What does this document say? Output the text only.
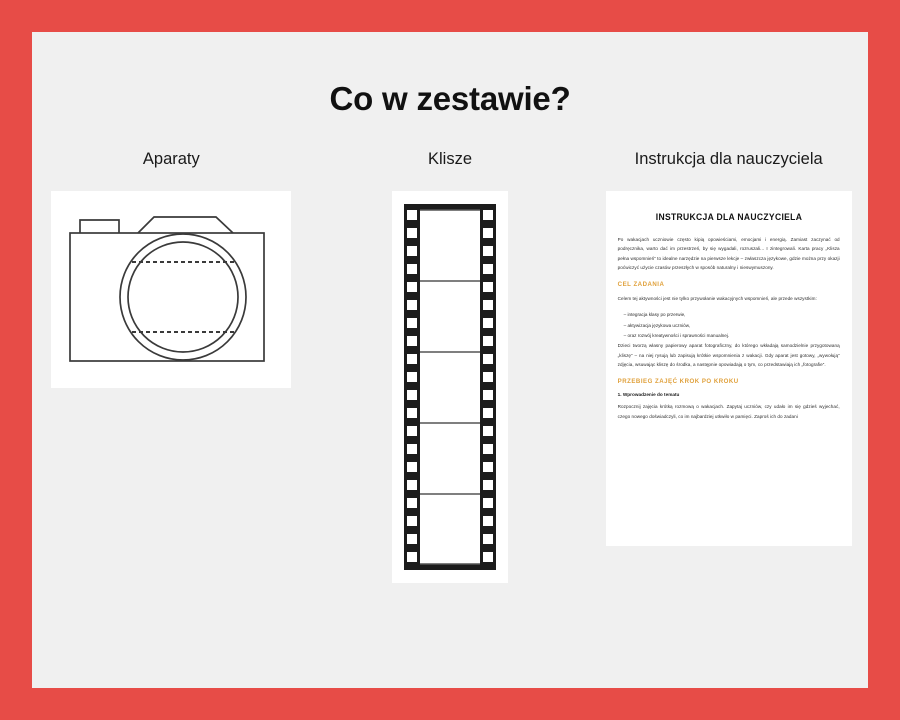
Co w zestawie?
Aparaty	Klisze	Instrukcja dla nauczyciela
INSTRUKCJA DLA NAUCZYCIELA
Po wakacjach uczniowie często kipią opowieściami, emocjami i energią. Zamiast zaczynać od podręcznika, warto dać im przestrzeń, by się wygadali, rozruszali... I zintegrowali. Karta pracy „Klisza pełna wspomnień” to idealne narzędzie na pierwsze lekcje – zwłaszcza językowe, gdzie można przy okazji poćwiczyć użycie czasów przeszłych w sposób naturalny i nieswymuszony.
CEL ZADANIA
Celem tej aktywności jest nie tylko przywołanie wakacyjnych wspomnień, ale przede wszystkim:
– integracja klasy po przerwie,
– aktywizacja językowa uczniów,
– oraz rozwój kreatywności i sprawności manualnej.
Dzieci tworzą własny papierowy aparat fotograficzny, do którego wkładają samodzielnie przygotowaną „kliszę” – na niej rysują lub zapisują krótkie wspomnienia z wakacji. Gdy aparat jest gotowy, „wywołują” zdjęcia, wsuwając kliszę do środka, a następnie opowiadają o tym, co przedstawiają ich „fotografie”.
PRZEBIEG ZAJĘĆ KROK PO KROKU
1. Wprowadzenie do tematu
Rozpocznij zajęcia krótką rozmową o wakacjach. Zapytaj uczniów, czy udało im się gdzieś wyjechać, czego nowego doświadczyli, co im najbardziej utkwiło w pamięci. Zaproś ich do zadani
